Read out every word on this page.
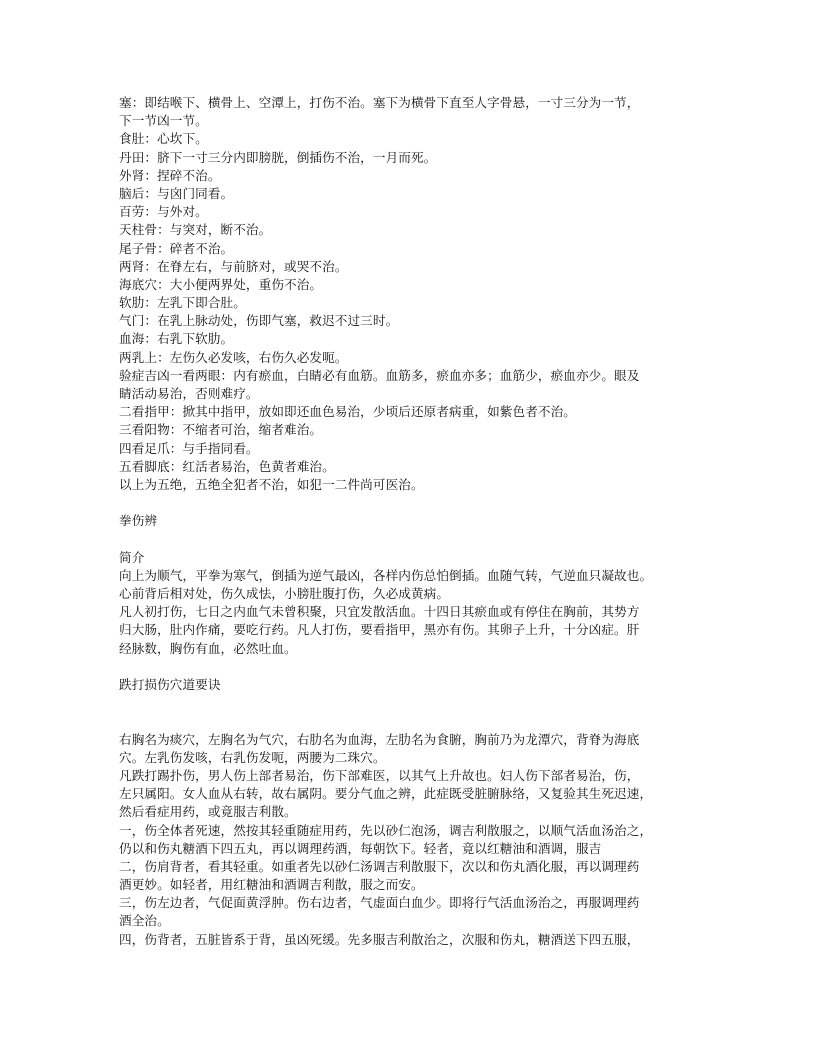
塞：即结喉下、横骨上、空潭上，打伤不治。塞下为横骨下直至人字骨悬，一寸三分为一节，
下一节凶一节。
食肚：心坎下。
丹田：脐下一寸三分内即膀胱，倒插伤不治，一月而死。
外肾：捏碎不治。
脑后：与囟门同看。
百劳：与外对。
天柱骨：与突对，断不治。
尾子骨：碎者不治。
两肾：在脊左右，与前脐对，或哭不治。
海底穴：大小便两界处，重伤不治。
软肋：左乳下即合肚。
气门：在乳上脉动处，伤即气塞，救迟不过三时。
血海：右乳下软肋。
两乳上：左伤久必发咳，右伤久必发呃。
验症吉凶一看两眼：内有瘀血，白睛必有血筋。血筋多，瘀血亦多；血筋少，瘀血亦少。眼及
睛活动易治，否则难疗。
二看指甲：掀其中指甲，放如即还血色易治，少顷后还原者病重，如紫色者不治。
三看阳物：不缩者可治，缩者难治。
四看足爪：与手指同看。
五看脚底：红活者易治，色黄者难治。
以上为五绝，五绝全犯者不治，如犯一二件尚可医治。
拳伤辨
简介
向上为顺气，平拳为寒气，倒插为逆气最凶，各样内伤总怕倒插。血随气转，气逆血只凝故也。
心前背后相对处，伤久成怯，小膀肚腹打伤，久必成黄病。
凡人初打伤，七日之内血气未曾积聚，只宜发散活血。十四日其瘀血或有停住在胸前，其势方
归大肠，肚内作痛，要吃行药。凡人打伤，要看指甲，黑亦有伤。其卵子上升，十分凶症。肝
经脉数，胸伤有血，必然吐血。
跌打损伤穴道要诀
右胸名为痰穴，左胸名为气穴，右肋名为血海，左肋名为食腑，胸前乃为龙潭穴，背脊为海底
穴。左乳伤发咳，右乳伤发呃，两腰为二珠穴。
凡跌打踢扑伤，男人伤上部者易治，伤下部难医，以其气上升故也。妇人伤下部者易治，伤，
左只属阳。女人血从右转，故右属阴。要分气血之辨，此症既受脏腑脉络，又复验其生死迟速，
然后看症用药，或竟服吉利散。
一，伤全体者死速，然按其轻重随症用药，先以砂仁泡汤，调吉利散服之，以顺气活血汤治之，
仍以和伤丸糖酒下四五丸，再以调理药酒，每朝饮下。轻者，竟以红糖油和酒调，服吉
二，伤肩背者，看其轻重。如重者先以砂仁汤调吉利散服下，次以和伤丸酒化服，再以调理药
酒更妙。如轻者，用红糖油和酒调吉利散，服之而安。
三，伤左边者，气促面黄浮肿。伤右边者，气虚面白血少。即将行气活血汤治之，再服调理药
酒全治。
四，伤背者，五脏皆系于背，虽凶死缓。先多服吉利散治之，次服和伤丸，糖酒送下四五服，
